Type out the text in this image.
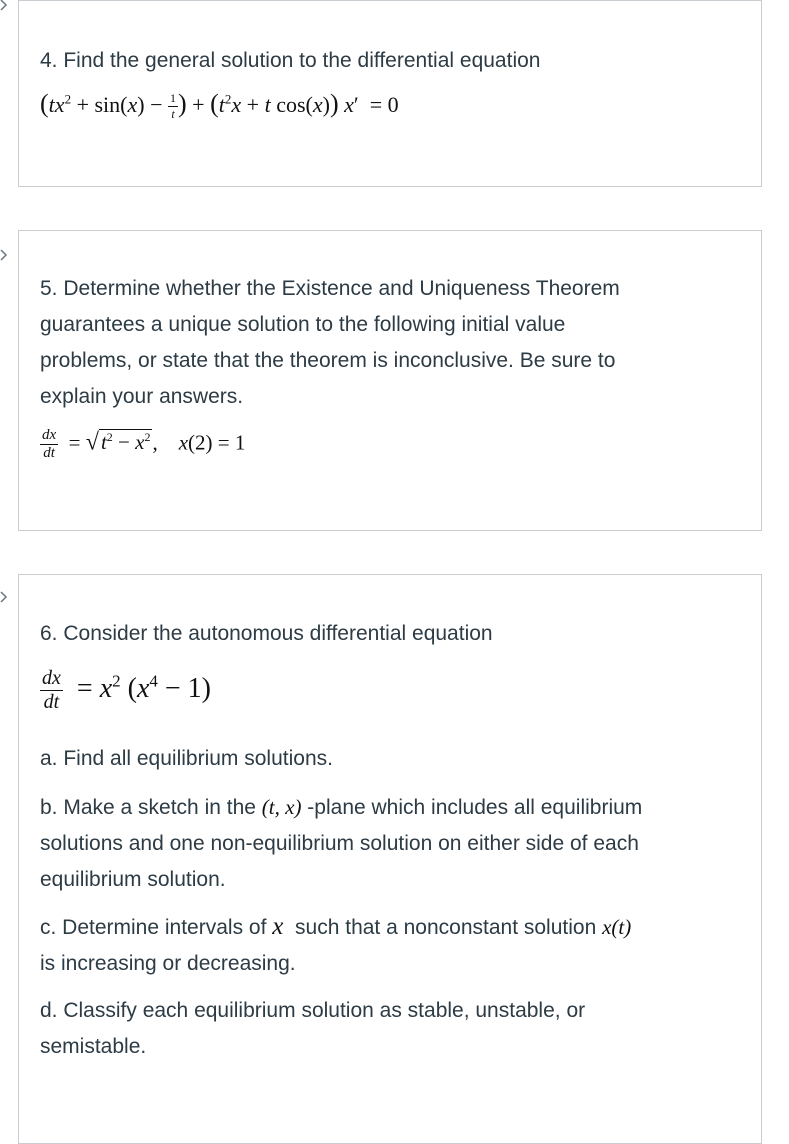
4. Find the general solution to the differential equation
($tx^2 + \sin(x) - \frac{1}{t}$ ) + ($t^2x + t$ cos(x)) x′  = 0
5. Determine whether the Existence and Uniqueness Theorem
guarantees a unique solution to the following initial value
problems, or state that the theorem is inconclusive. Be sure to
explain your answers.
$\frac{dx}{dt} = √t^2 - x^2$,    x(2) = 1
6. Consider the autonomous differential equation
$\frac{dx}{dt} = x^2$ $(x^4 - 1)$
a. Find all equilibrium solutions.
b. Make a sketch in the (t, x) -plane which includes all equilibrium
solutions and one non-equilibrium solution on either side of each
equilibrium solution.
c. Determine intervals of x such that a nonconstant solution x(t)
is increasing or decreasing.
d. Classify each equilibrium solution as stable, unstable, or
semistable.
